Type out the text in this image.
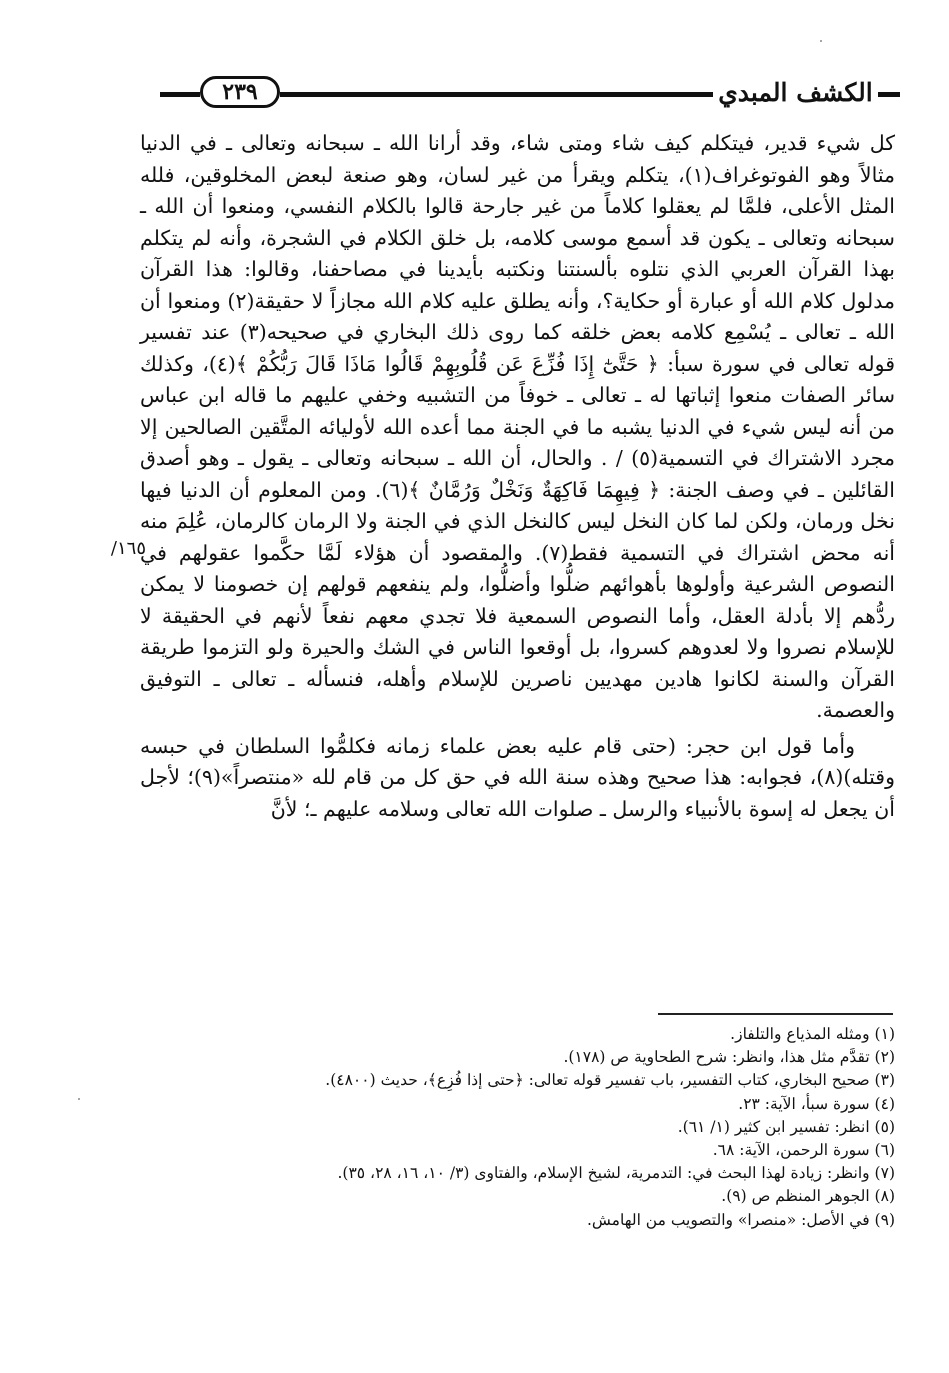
٢٣٩	الكشف المبدي
١٦٥/

كل شيء قدير، فيتكلم كيف شاء ومتى شاء، وقد أرانا الله ـ سبحانه وتعالى ـ في الدنيا مثالاً وهو الفوتوغراف(١)، يتكلم ويقرأ من غير لسان، وهو صنعة لبعض المخلوقين، فلله المثل الأعلى، فلمَّا لم يعقلوا كلاماً من غير جارحة قالوا بالكلام النفسي، ومنعوا أن الله ـ سبحانه وتعالى ـ يكون قد أسمع موسى كلامه، بل خلق الكلام في الشجرة، وأنه لم يتكلم بهذا القرآن العربي الذي نتلوه بألسنتنا ونكتبه بأيدينا في مصاحفنا، وقالوا: هذا القرآن مدلول كلام الله أو عبارة أو حكاية؟، وأنه يطلق عليه كلام الله مجازاً لا حقيقة(٢) ومنعوا أن الله ـ تعالى ـ يُسْمِع كلامه بعض خلقه كما روى ذلك البخاري في صحيحه(٣) عند تفسير قوله تعالى في سورة سبأ: ﴿ حَتَّىٰٓ إِذَا فُزِّعَ عَن قُلُوبِهِمْ قَالُوا مَاذَا قَالَ رَبُّكُمْ ﴾(٤)، وكذلك سائر الصفات منعوا إثباتها له ـ تعالى ـ خوفاً من التشبيه وخفي عليهم ما قاله ابن عباس من أنه ليس شيء في الدنيا يشبه ما في الجنة مما أعده الله لأوليائه المتَّقين الصالحين إلا مجرد الاشتراك في التسمية(٥) / . والحال، أن الله ـ سبحانه وتعالى ـ يقول ـ وهو أصدق القائلين ـ في وصف الجنة: ﴿ فِيهِمَا فَاكِهَةٌ وَنَخْلٌ وَرُمَّانٌ ﴾(٦). ومن المعلوم أن الدنيا فيها نخل ورمان، ولكن لما كان النخل ليس كالنخل الذي في الجنة ولا الرمان كالرمان، عُلِمَ منه أنه محض اشتراك في التسمية فقط(٧). والمقصود أن هؤلاء لَمَّا حكَّموا عقولهم في النصوص الشرعية وأولوها بأهوائهم ضلُّوا وأضلُّوا، ولم ينفعهم قولهم إن خصومنا لا يمكن ردُّهم إلا بأدلة العقل، وأما النصوص السمعية فلا تجدي معهم نفعاً لأنهم في الحقيقة لا للإسلام نصروا ولا لعدوهم كسروا، بل أوقعوا الناس في الشك والحيرة ولو التزموا طريقة القرآن والسنة لكانوا هادين مهديين ناصرين للإسلام وأهله، فنسأله ـ تعالى ـ التوفيق والعصمة.

وأما قول ابن حجر: (حتى قام عليه بعض علماء زمانه فكلمُّوا السلطان في حبسه وقتله)(٨)، فجوابه: هذا صحيح وهذه سنة الله في حق كل من قام لله «منتصراً»(٩)؛ لأجل أن يجعل له إسوة بالأنبياء والرسل ـ صلوات الله تعالى وسلامه عليهم ـ؛ لأنَّ

(١) ومثله المذياع والتلفاز.

(٢) تقدَّم مثل هذا، وانظر: شرح الطحاوية ص (١٧٨).

(٣) صحيح البخاري، كتاب التفسير، باب تفسير قوله تعالى: ﴿حتى إذا فُزِع﴾، حديث (٤٨٠٠).

(٤) سورة سبأ، الآية: ٢٣.

(٥) انظر: تفسير ابن كثير (١/ ٦١).

(٦) سورة الرحمن، الآية: ٦٨.

(٧) وانظر: زيادة لهذا البحث في: التدمرية، لشيخ الإسلام، والفتاوى (٣/ ١٠، ١٦، ٢٨، ٣٥).

(٨) الجوهر المنظم ص (٩).

(٩) في الأصل: «منصرا» والتصويب من الهامش.
